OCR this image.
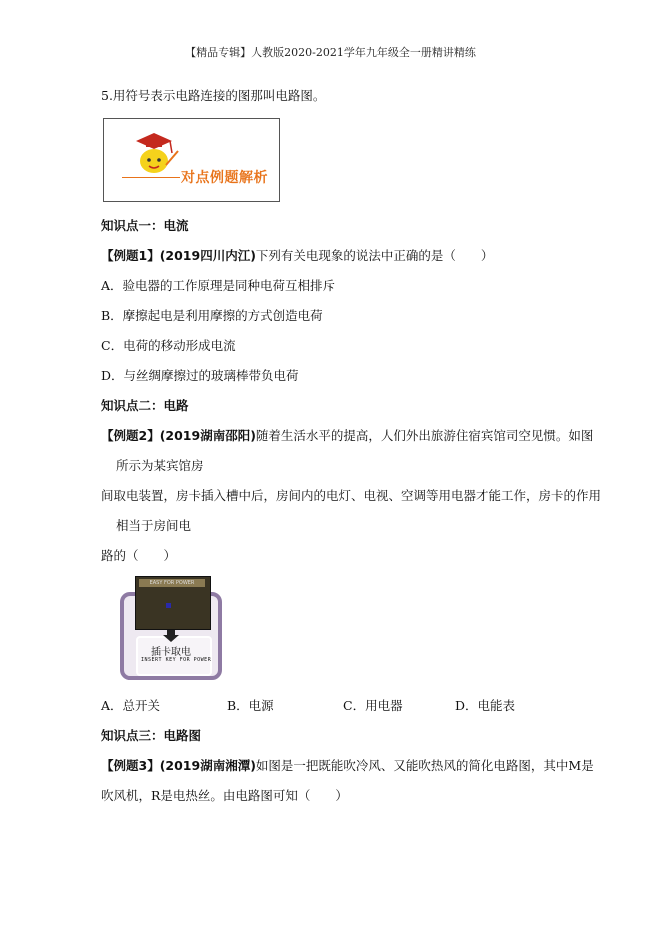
【精品专辑】人教版2020-2021学年九年级全一册精讲精练
5.用符号表示电路连接的图那叫电路图。
对点例题解析
知识点一：电流
【例题1】(2019四川内江)下列有关电现象的说法中正确的是（　　）
A．验电器的工作原理是同种电荷互相排斥
B．摩擦起电是利用摩擦的方式创造电荷
C．电荷的移动形成电流
D．与丝绸摩擦过的玻璃棒带负电荷
知识点二：电路
【例题2】(2019湖南邵阳)随着生活水平的提高，人们外出旅游住宿宾馆司空见惯。如图
所示为某宾馆房
间取电装置，房卡插入槽中后，房间内的电灯、电视、空调等用电器才能工作，房卡的作用
相当于房间电
路的（　　）
EASY FOR POWER
插卡取电
INSERT KEY FOR POWER
A．总开关	B．电源	C．用电器	D．电能表
知识点三：电路图
【例题3】(2019湖南湘潭)如图是一把既能吹冷风、又能吹热风的简化电路图，其中M是
吹风机，R是电热丝。由电路图可知（　　）
